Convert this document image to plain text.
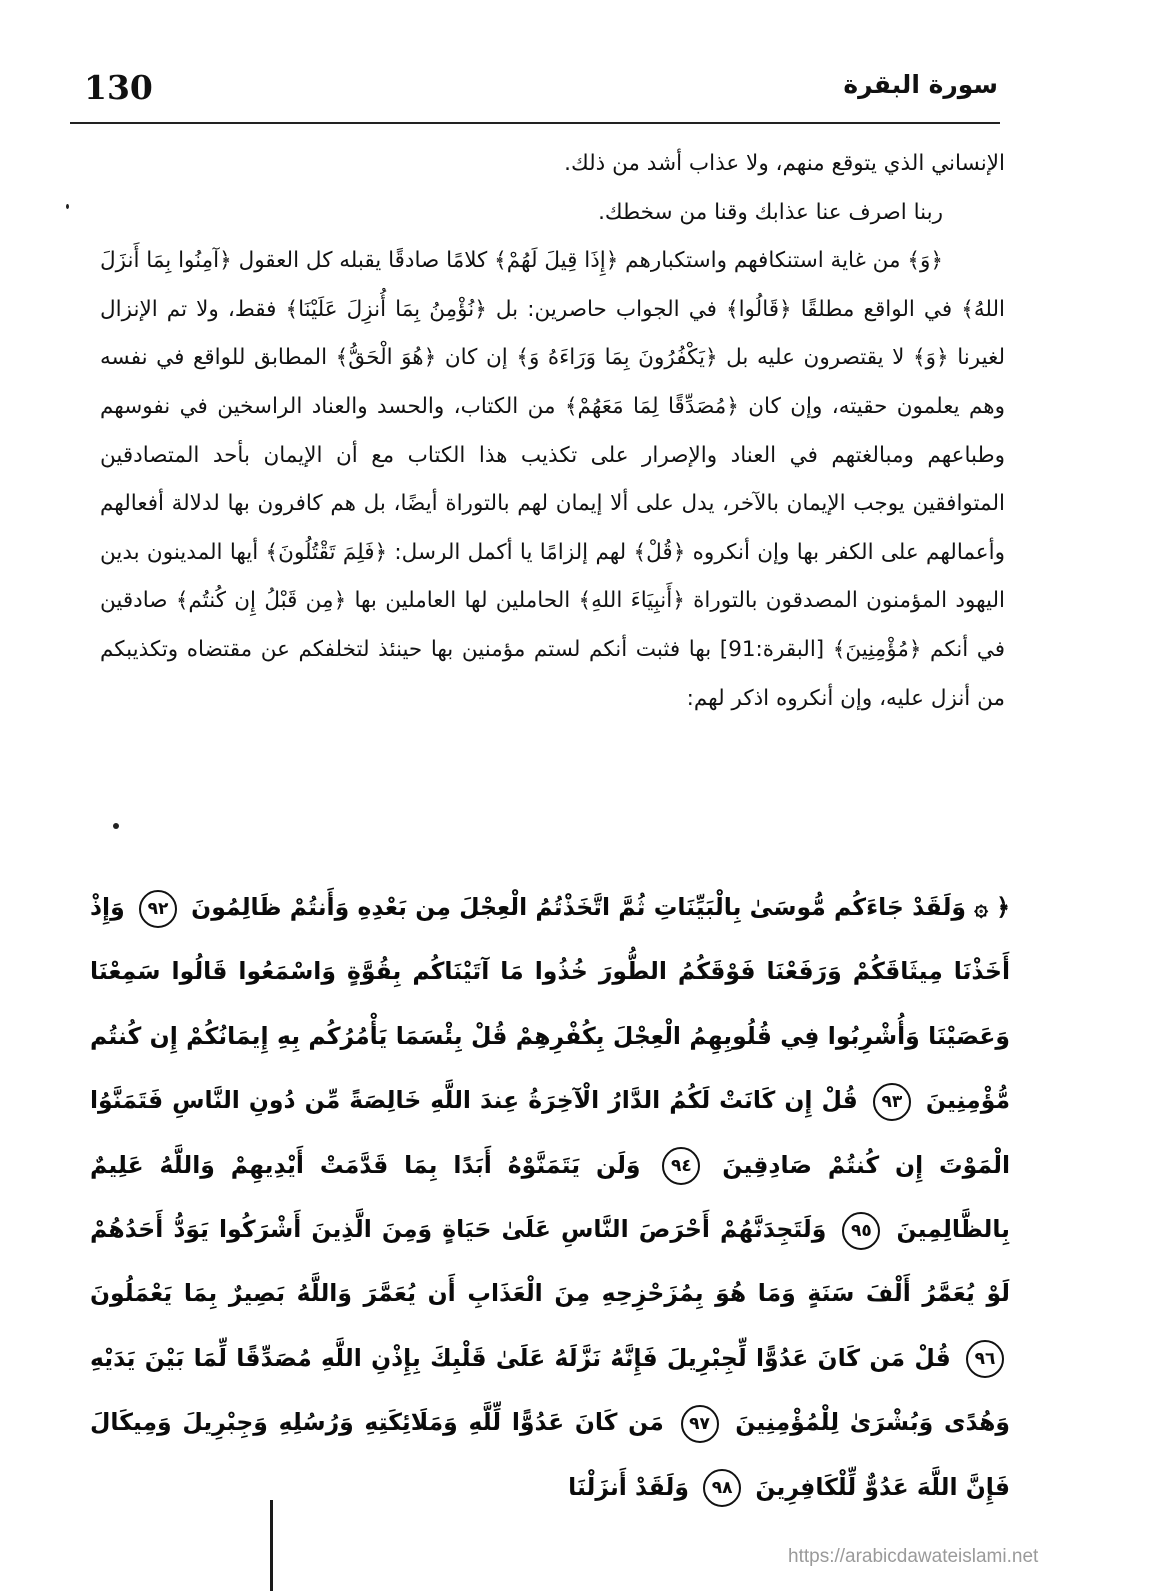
130	سورة البقرة

الإنساني الذي يتوقع منهم، ولا عذاب أشد من ذلك.

ربنا اصرف عنا عذابك وقنا من سخطك.

﴿وَ﴾ من غاية استنكافهم واستكبارهم ﴿إِذَا قِيلَ لَهُمْ﴾ كلامًا صادقًا يقبله كل العقول ﴿آمِنُوا بِمَا أَنزَلَ اللهُ﴾ في الواقع مطلقًا ﴿قَالُوا﴾ في الجواب حاصرين: بل ﴿نُؤْمِنُ بِمَا أُنزِلَ عَلَيْنَا﴾ فقط، ولا تم الإنزال لغيرنا ﴿وَ﴾ لا يقتصرون عليه بل ﴿يَكْفُرُونَ بِمَا وَرَاءَهُ وَ﴾ إن كان ﴿هُوَ الْحَقُّ﴾ المطابق للواقع في نفسه وهم يعلمون حقيته، وإن كان ﴿مُصَدِّقًا لِمَا مَعَهُمْ﴾ من الكتاب، والحسد والعناد الراسخين في نفوسهم وطباعهم ومبالغتهم في العناد والإصرار على تكذيب هذا الكتاب مع أن الإيمان بأحد المتصادقين المتوافقين يوجب الإيمان بالآخر، يدل على ألا إيمان لهم بالتوراة أيضًا، بل هم كافرون بها لدلالة أفعالهم وأعمالهم على الكفر بها وإن أنكروه ﴿قُلْ﴾ لهم إلزامًا يا أكمل الرسل: ﴿فَلِمَ تَقْتُلُونَ﴾ أيها المدينون بدين اليهود المؤمنون المصدقون بالتوراة ﴿أَنبِيَاءَ اللهِ﴾ الحاملين لها العاملين بها ﴿مِن قَبْلُ إِن كُنتُم﴾ صادقين في أنكم ﴿مُؤْمِنِينَ﴾ [البقرة:91] بها فثبت أنكم لستم مؤمنين بها حينئذ لتخلفكم عن مقتضاه وتكذيبكم من أنزل عليه، وإن أنكروه اذكر لهم:

﴿ ۞ وَلَقَدْ جَاءَكُم مُّوسَىٰ بِالْبَيِّنَاتِ ثُمَّ اتَّخَذْتُمُ الْعِجْلَ مِن بَعْدِهِ وَأَنتُمْ ظَالِمُونَ ٩٢ وَإِذْ أَخَذْنَا مِيثَاقَكُمْ وَرَفَعْنَا فَوْقَكُمُ الطُّورَ خُذُوا مَا آتَيْنَاكُم بِقُوَّةٍ وَاسْمَعُوا قَالُوا سَمِعْنَا وَعَصَيْنَا وَأُشْرِبُوا فِي قُلُوبِهِمُ الْعِجْلَ بِكُفْرِهِمْ قُلْ بِئْسَمَا يَأْمُرُكُم بِهِ إِيمَانُكُمْ إِن كُنتُم مُّؤْمِنِينَ ٩٣ قُلْ إِن كَانَتْ لَكُمُ الدَّارُ الْآخِرَةُ عِندَ اللَّهِ خَالِصَةً مِّن دُونِ النَّاسِ فَتَمَنَّوُا الْمَوْتَ إِن كُنتُمْ صَادِقِينَ ٩٤ وَلَن يَتَمَنَّوْهُ أَبَدًا بِمَا قَدَّمَتْ أَيْدِيهِمْ وَاللَّهُ عَلِيمٌ بِالظَّالِمِينَ ٩٥ وَلَتَجِدَنَّهُمْ أَحْرَصَ النَّاسِ عَلَىٰ حَيَاةٍ وَمِنَ الَّذِينَ أَشْرَكُوا يَوَدُّ أَحَدُهُمْ لَوْ يُعَمَّرُ أَلْفَ سَنَةٍ وَمَا هُوَ بِمُزَحْزِحِهِ مِنَ الْعَذَابِ أَن يُعَمَّرَ وَاللَّهُ بَصِيرٌ بِمَا يَعْمَلُونَ ٩٦ قُلْ مَن كَانَ عَدُوًّا لِّجِبْرِيلَ فَإِنَّهُ نَزَّلَهُ عَلَىٰ قَلْبِكَ بِإِذْنِ اللَّهِ مُصَدِّقًا لِّمَا بَيْنَ يَدَيْهِ وَهُدًى وَبُشْرَىٰ لِلْمُؤْمِنِينَ ٩٧ مَن كَانَ عَدُوًّا لِّلَّهِ وَمَلَائِكَتِهِ وَرُسُلِهِ وَجِبْرِيلَ وَمِيكَالَ فَإِنَّ اللَّهَ عَدُوٌّ لِّلْكَافِرِينَ ٩٨ وَلَقَدْ أَنزَلْنَا

https://arabicdawateislami.net
